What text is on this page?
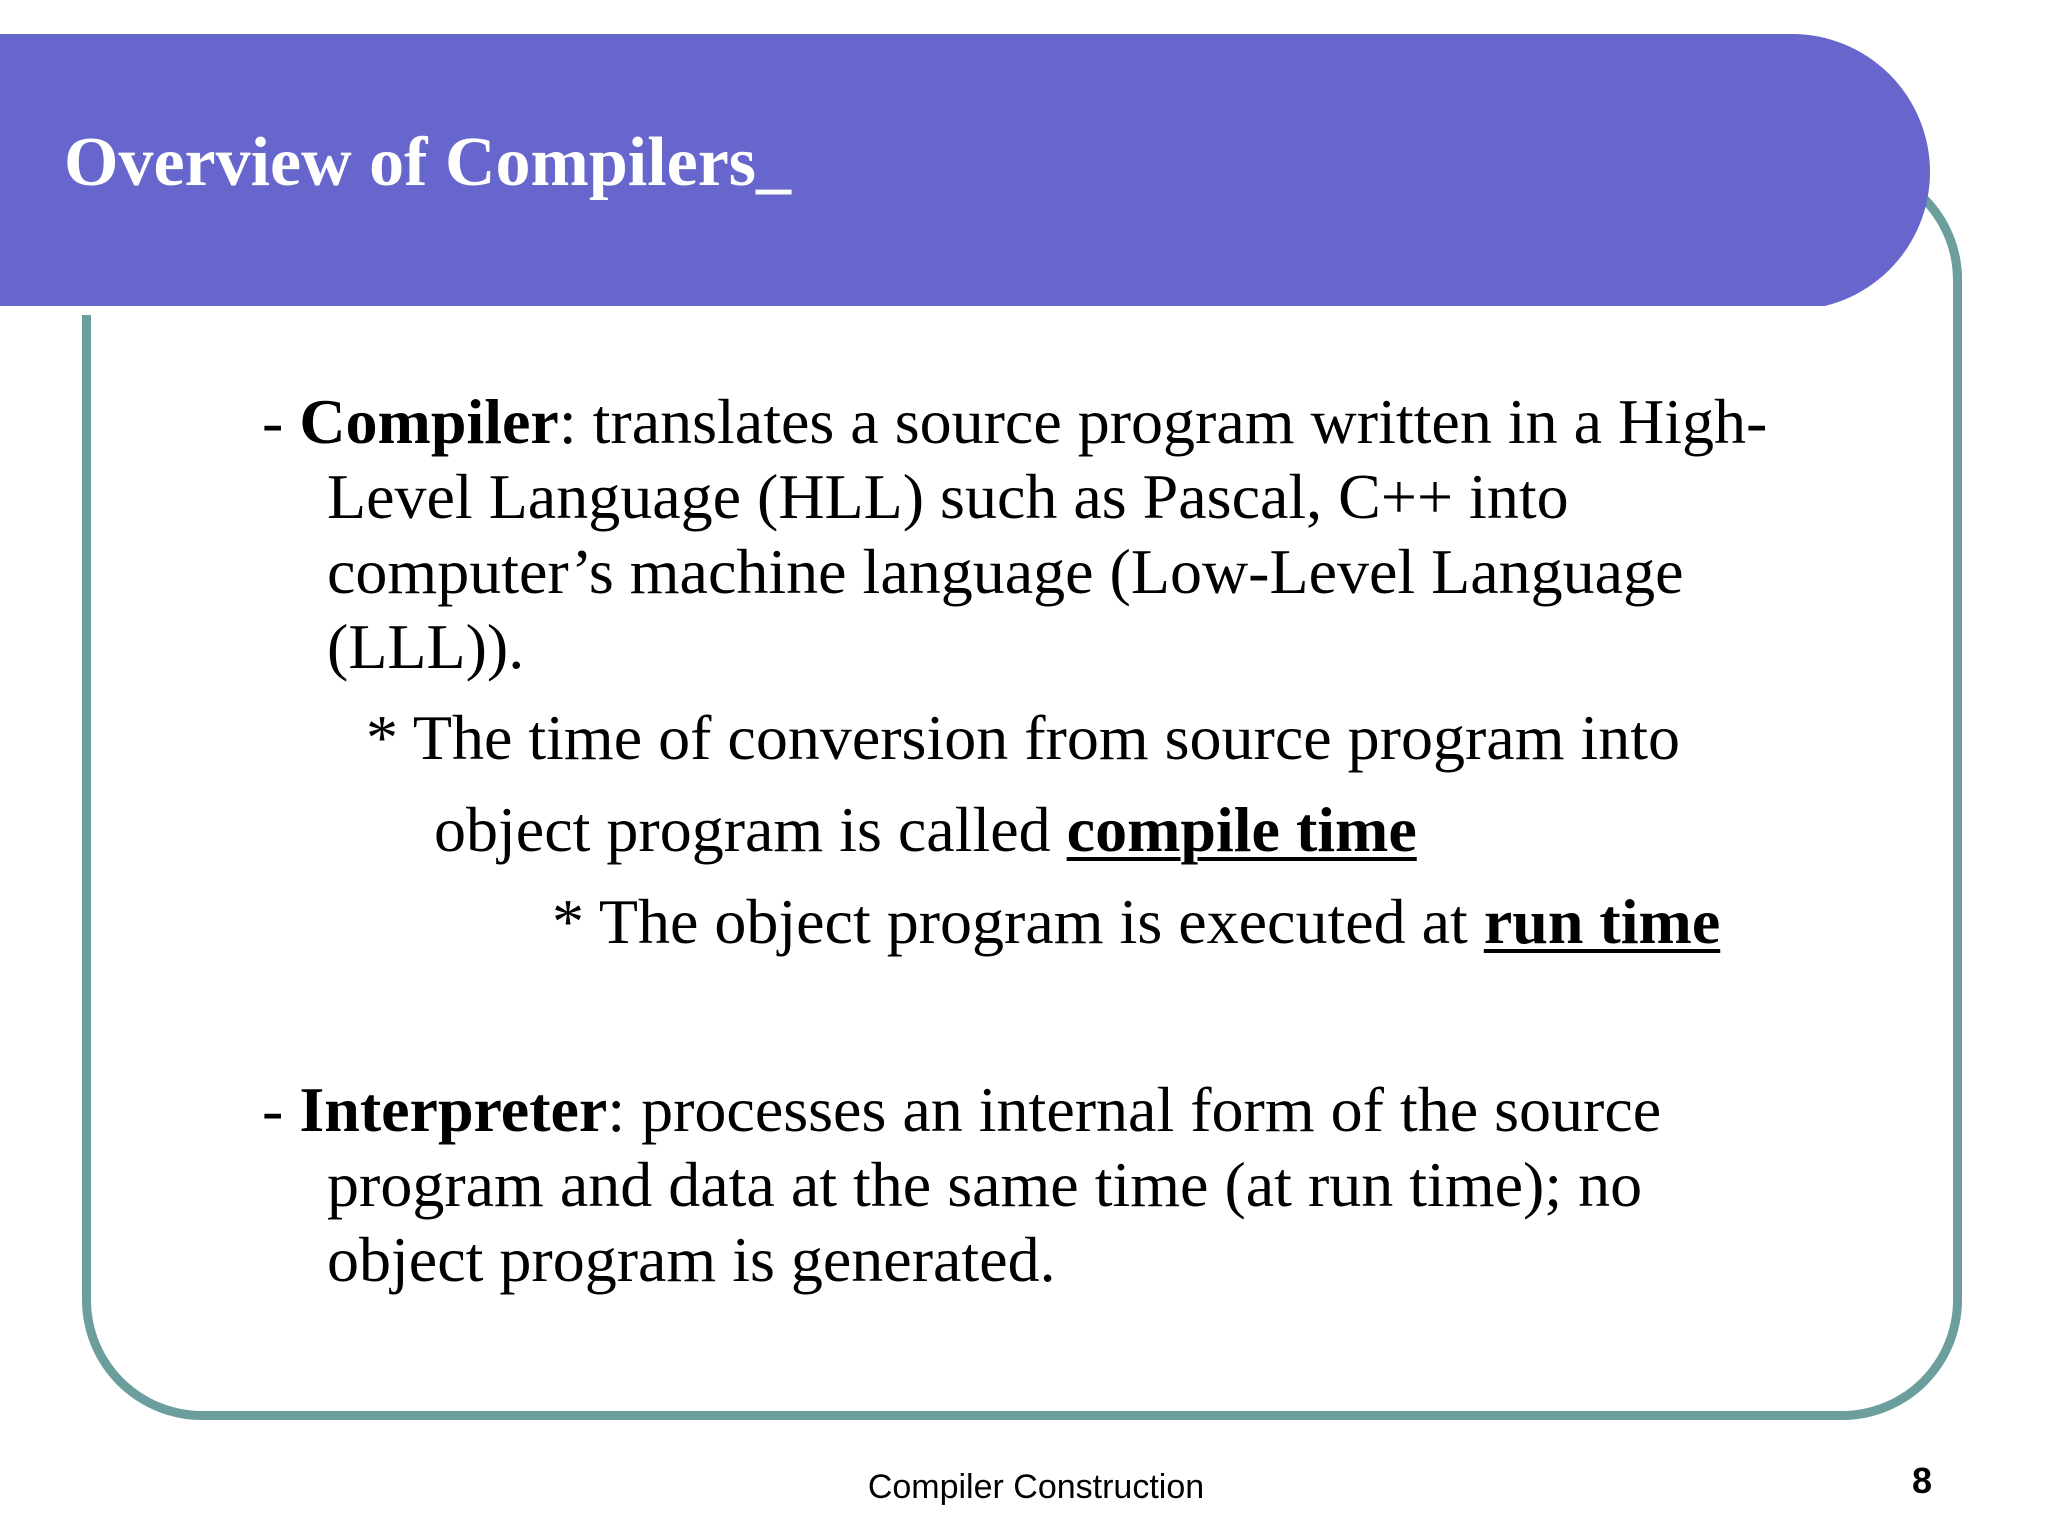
Overview of Compilers_

- Compiler: translates a source program written in a High-
Level Language (HLL) such as Pascal, C++ into
computer’s machine language (Low-Level Language
(LLL)).

* The time of conversion from source program into

object program is called compile time

* The object program is executed at run time

- Interpreter: processes an internal form of the source
program and data at the same time (at run time); no
object program is generated.

Compiler Construction	8
